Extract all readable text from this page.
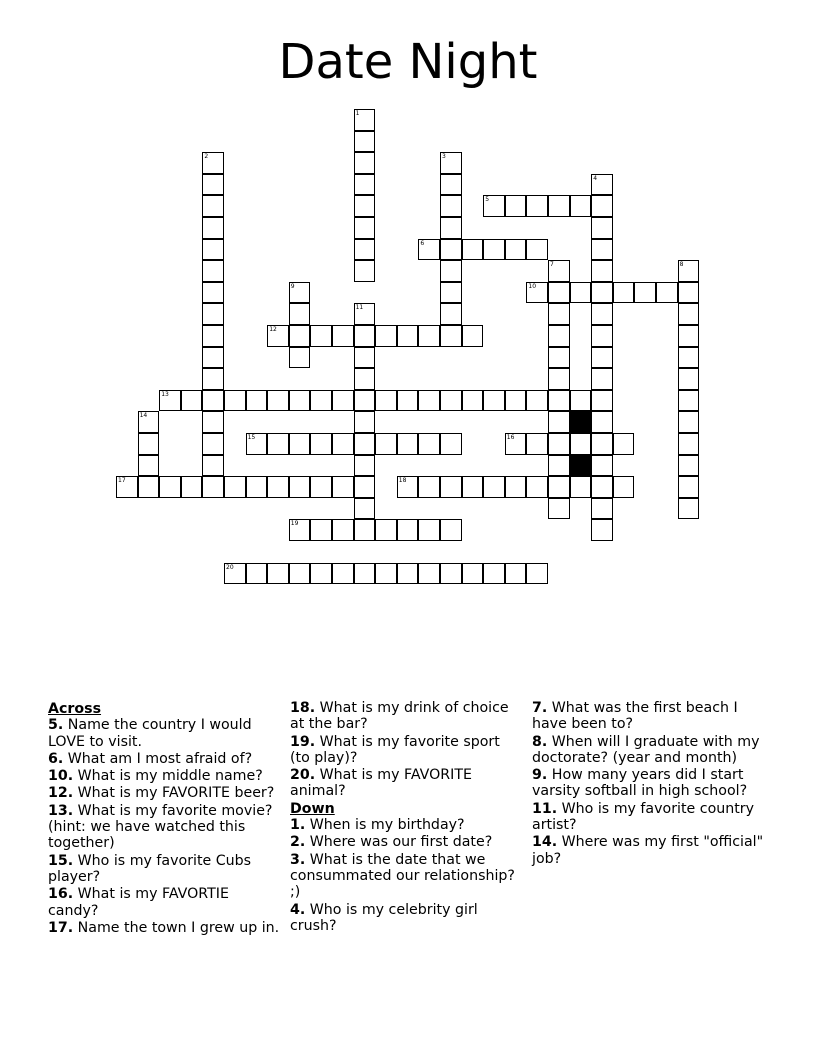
Date Night
1
2	3
4
5
6
7	8
9	10
11
12
13
14
15	16
17	18
19
20
Across
5. Name the country I would LOVE to visit.
6. What am I most afraid of?
10. What is my middle name?
12. What is my FAVORITE beer?
13. What is my favorite movie? (hint: we have watched this together)
15. Who is my favorite Cubs player?
16. What is my FAVORTIE candy?
17. Name the town I grew up in.
18. What is my drink of choice at the bar?
19. What is my favorite sport (to play)?
20. What is my FAVORITE animal?
Down
1. When is my birthday?
2. Where was our first date?
3. What is the date that we consummated our relationship? ;)
4. Who is my celebrity girl crush?
7. What was the first beach I have been to?
8. When will I graduate with my doctorate? (year and month)
9. How many years did I start varsity softball in high school?
11. Who is my favorite country artist?
14. Where was my first "official" job?
